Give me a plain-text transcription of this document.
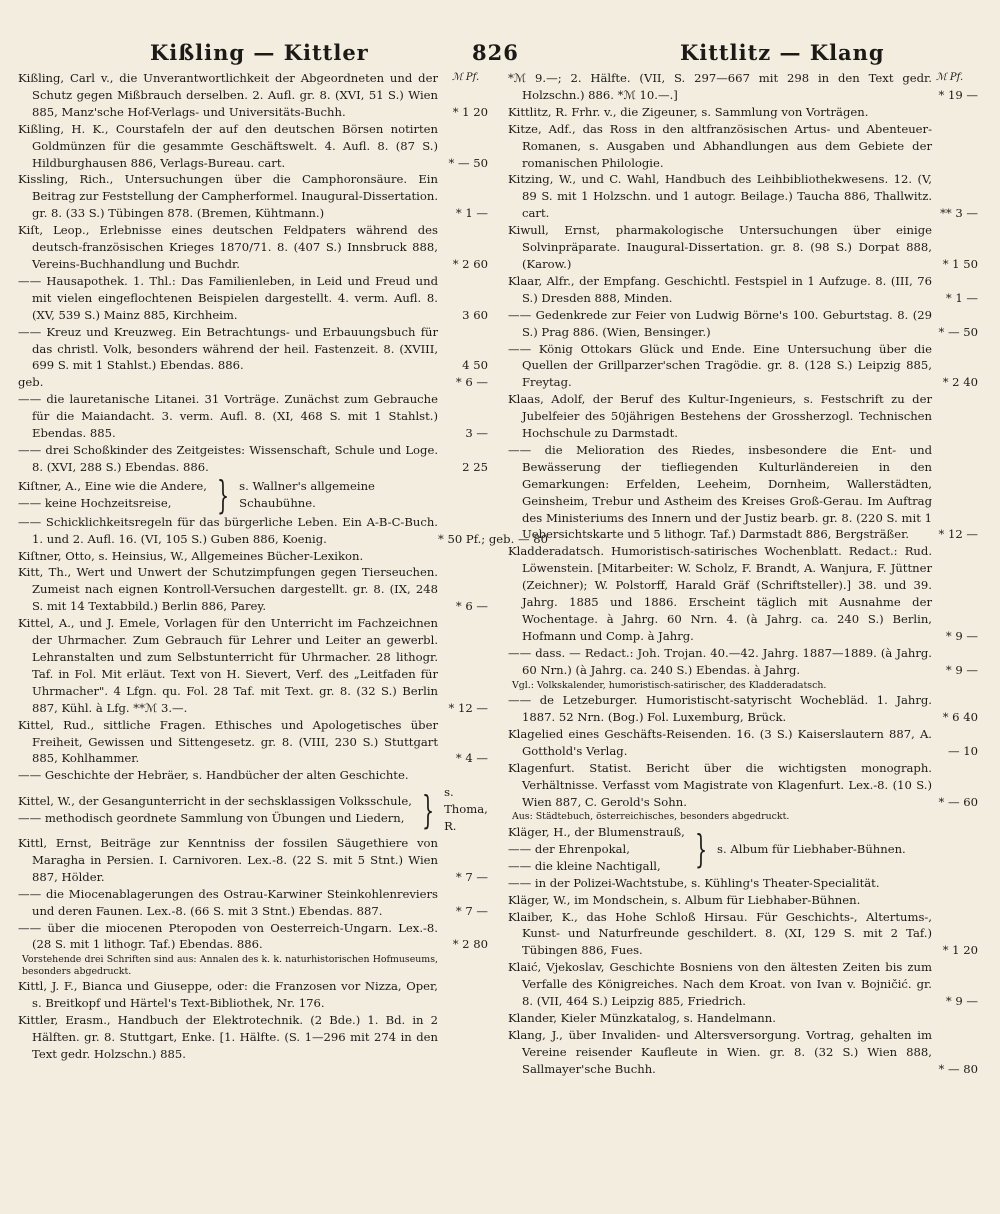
Kißling — Kittler	826	Kittlitz — Klang
ℳ Pf.	ℳ Pf.
Kißling, Carl v., die Unverantwortlichkeit der Abgeordneten und der Schutz gegen Mißbrauch derselben. 2. Aufl. gr. 8. (XVI, 51 S.) Wien 885, Manz'sche Hof-Verlags- und Universitäts-Buchh.	* 1 20
Kißling, H. K., Courstafeln der auf den deutschen Börsen notirten Goldmünzen für die gesammte Geschäftswelt. 4. Aufl. 8. (87 S.) Hildburghausen 886, Verlags-Bureau. cart.	* — 50
Kissling, Rich., Untersuchungen über die Camphoronsäure. Ein Beitrag zur Feststellung der Campherformel. Inaugural-Dissertation. gr. 8. (33 S.) Tübingen 878. (Bremen, Kühtmann.)	* 1 —
Kiſt, Leop., Erlebnisse eines deutschen Feldpaters während des deutsch-französischen Krieges 1870/71. 8. (407 S.) Innsbruck 888, Vereins-Buchhandlung und Buchdr.	* 2 60
—— Hausapothek. 1. Thl.: Das Familienleben, in Leid und Freud und mit vielen eingeflochtenen Beispielen dargestellt. 4. verm. Aufl. 8. (XV, 539 S.) Mainz 885, Kirchheim.	3 60
—— Kreuz und Kreuzweg. Ein Betrachtungs- und Erbauungsbuch für das christl. Volk, besonders während der heil. Fastenzeit. 8. (XVIII, 699 S. mit 1 Stahlst.) Ebendas. 886.	4 50
geb.	* 6 —
—— die lauretanische Litanei. 31 Vorträge. Zunächst zum Gebrauche für die Maiandacht. 3. verm. Aufl. 8. (XI, 468 S. mit 1 Stahlst.) Ebendas. 885.	3 —
—— drei Schoßkinder des Zeitgeistes: Wissenschaft, Schule und Loge. 8. (XVI, 288 S.) Ebendas. 886.	2 25
Kiſtner, A., Eine wie die Andere,
—— keine Hochzeitsreise,	} s. Wallner's allgemeine Schaubühne.
—— Schicklichkeitsregeln für das bürgerliche Leben. Ein A-B-C-Buch. 1. und 2. Aufl. 16. (VI, 105 S.) Guben 886, Koenig.	* 50 Pf.; geb. — 80
Kiſtner, Otto, s. Heinsius, W., Allgemeines Bücher-Lexikon.
Kitt, Th., Wert und Unwert der Schutzimpfungen gegen Tierseuchen. Zumeist nach eignen Kontroll-Versuchen dargestellt. gr. 8. (IX, 248 S. mit 14 Textabbild.) Berlin 886, Parey.	* 6 —
Kittel, A., und J. Emele, Vorlagen für den Unterricht im Fachzeichnen der Uhrmacher. Zum Gebrauch für Lehrer und Leiter an gewerbl. Lehranstalten und zum Selbstunterricht für Uhrmacher. 28 lithogr. Taf. in Fol. Mit erläut. Text von H. Sievert, Verf. des „Leitfaden für Uhrmacher". 4 Lfgn. qu. Fol. 28 Taf. mit Text. gr. 8. (32 S.) Berlin 887, Kühl. à Lfg. **ℳ 3.—.	* 12 —
Kittel, Rud., sittliche Fragen. Ethisches und Apologetisches über Freiheit, Gewissen und Sittengesetz. gr. 8. (VIII, 230 S.) Stuttgart 885, Kohlhammer.	* 4 —
—— Geschichte der Hebräer, s. Handbücher der alten Geschichte.
Kittel, W., der Gesangunterricht in der sechsklassigen Volksschule,
—— methodisch geordnete Sammlung von Übungen und Liedern, } s. Thoma, R.
Kittl, Ernst, Beiträge zur Kenntniss der fossilen Säugethiere von Maragha in Persien. I. Carnivoren. Lex.-8. (22 S. mit 5 Stnt.) Wien 887, Hölder.	* 7 —
—— die Miocenablagerungen des Ostrau-Karwiner Steinkohlenreviers und deren Faunen. Lex.-8. (66 S. mit 3 Stnt.) Ebendas. 887.	* 7 —
—— über die miocenen Pteropoden von Oesterreich-Ungarn. Lex.-8. (28 S. mit 1 lithogr. Taf.) Ebendas. 886.	* 2 80
Vorstehende drei Schriften sind aus: Annalen des k. k. naturhistorischen Hofmuseums, besonders abgedruckt.
Kittl, J. F., Bianca und Giuseppe, oder: die Franzosen vor Nizza, Oper, s. Breitkopf und Härtel's Text-Bibliothek, Nr. 176.
Kittler, Erasm., Handbuch der Elektrotechnik. (2 Bde.) 1. Bd. in 2 Hälften. gr. 8. Stuttgart, Enke. [1. Hälfte. (S. 1—296 mit 274 in den Text gedr. Holzschn.) 885.
*ℳ 9.—; 2. Hälfte. (VII, S. 297—667 mit 298 in den Text gedr. Holzschn.) 886. *ℳ 10.—.]	* 19 —
Kittlitz, R. Frhr. v., die Zigeuner, s. Sammlung von Vorträgen.
Kitze, Adf., das Ross in den altfranzösischen Artus- und Abenteuer-Romanen, s. Ausgaben und Abhandlungen aus dem Gebiete der romanischen Philologie.
Kitzing, W., und C. Wahl, Handbuch des Leihbibliothekwesens. 12. (V, 89 S. mit 1 Holzschn. und 1 autogr. Beilage.) Taucha 886, Thallwitz. cart.	** 3 —
Kiwull, Ernst, pharmakologische Untersuchungen über einige Solvinpräparate. Inaugural-Dissertation. gr. 8. (98 S.) Dorpat 888, (Karow.)	* 1 50
Klaar, Alfr., der Empfang. Geschichtl. Festspiel in 1 Aufzuge. 8. (III, 76 S.) Dresden 888, Minden.	* 1 —
—— Gedenkrede zur Feier von Ludwig Börne's 100. Geburtstag. 8. (29 S.) Prag 886. (Wien, Bensinger.)	* — 50
—— König Ottokars Glück und Ende. Eine Untersuchung über die Quellen der Grillparzer'schen Tragödie. gr. 8. (128 S.) Leipzig 885, Freytag.	* 2 40
Klaas, Adolf, der Beruf des Kultur-Ingenieurs, s. Festschrift zu der Jubelfeier des 50jährigen Bestehens der Grossherzogl. Technischen Hochschule zu Darmstadt.
—— die Melioration des Riedes, insbesondere die Ent- und Bewässerung der tiefliegenden Kulturländereien in den Gemarkungen: Erfelden, Leeheim, Dornheim, Wallerstädten, Geinsheim, Trebur und Astheim des Kreises Groß-Gerau. Im Auftrag des Ministeriums des Innern und der Justiz bearb. gr. 8. (220 S. mit 1 Uebersichtskarte und 5 lithogr. Taf.) Darmstadt 886, Bergsträßer.	* 12 —
Kladderadatsch. Humoristisch-satirisches Wochenblatt. Redact.: Rud. Löwenstein. [Mitarbeiter: W. Scholz, F. Brandt, A. Wanjura, F. Jüttner (Zeichner); W. Polstorff, Harald Gräf (Schriftsteller).] 38. und 39. Jahrg. 1885 und 1886. Erscheint täglich mit Ausnahme der Wochentage. à Jahrg. 60 Nrn. 4. (à Jahrg. ca. 240 S.) Berlin, Hofmann und Comp. à Jahrg.	* 9 —
—— dass. — Redact.: Joh. Trojan. 40.—42. Jahrg. 1887—1889. (à Jahrg. 60 Nrn.) (à Jahrg. ca. 240 S.) Ebendas. à Jahrg.	* 9 —
Vgl.: Volkskalender, humoristisch-satirischer, des Kladderadatsch.
—— de Letzeburger. Humoristischt-satyrischt Wochebläd. 1. Jahrg. 1887. 52 Nrn. (Bog.) Fol. Luxemburg, Brück.	* 6 40
Klagelied eines Geschäfts-Reisenden. 16. (3 S.) Kaiserslautern 887, A. Gotthold's Verlag.	— 10
Klagenfurt. Statist. Bericht über die wichtigsten monograph. Verhältnisse. Verfasst vom Magistrate von Klagenfurt. Lex.-8. (10 S.) Wien 887, C. Gerold's Sohn.	* — 60
Aus: Städtebuch, österreichisches, besonders abgedruckt.
Kläger, H., der Blumenstrauß,
—— der Ehrenpokal,
—— die kleine Nachtigall, } s. Album für Liebhaber-Bühnen.
—— in der Polizei-Wachtstube, s. Kühling's Theater-Specialität.
Kläger, W., im Mondschein, s. Album für Liebhaber-Bühnen.
Klaiber, K., das Hohe Schloß Hirsau. Für Geschichts-, Altertums-, Kunst- und Naturfreunde geschildert. 8. (XI, 129 S. mit 2 Taf.) Tübingen 886, Fues.	* 1 20
Klaić, Vjekoslav, Geschichte Bosniens von den ältesten Zeiten bis zum Verfalle des Königreiches. Nach dem Kroat. von Ivan v. Bojničić. gr. 8. (VII, 464 S.) Leipzig 885, Friedrich.	* 9 —
Klander, Kieler Münzkatalog, s. Handelmann.
Klang, J., über Invaliden- und Altersversorgung. Vortrag, gehalten im Vereine reisender Kaufleute in Wien. gr. 8. (32 S.) Wien 888, Sallmayer'sche Buchh.	* — 80
